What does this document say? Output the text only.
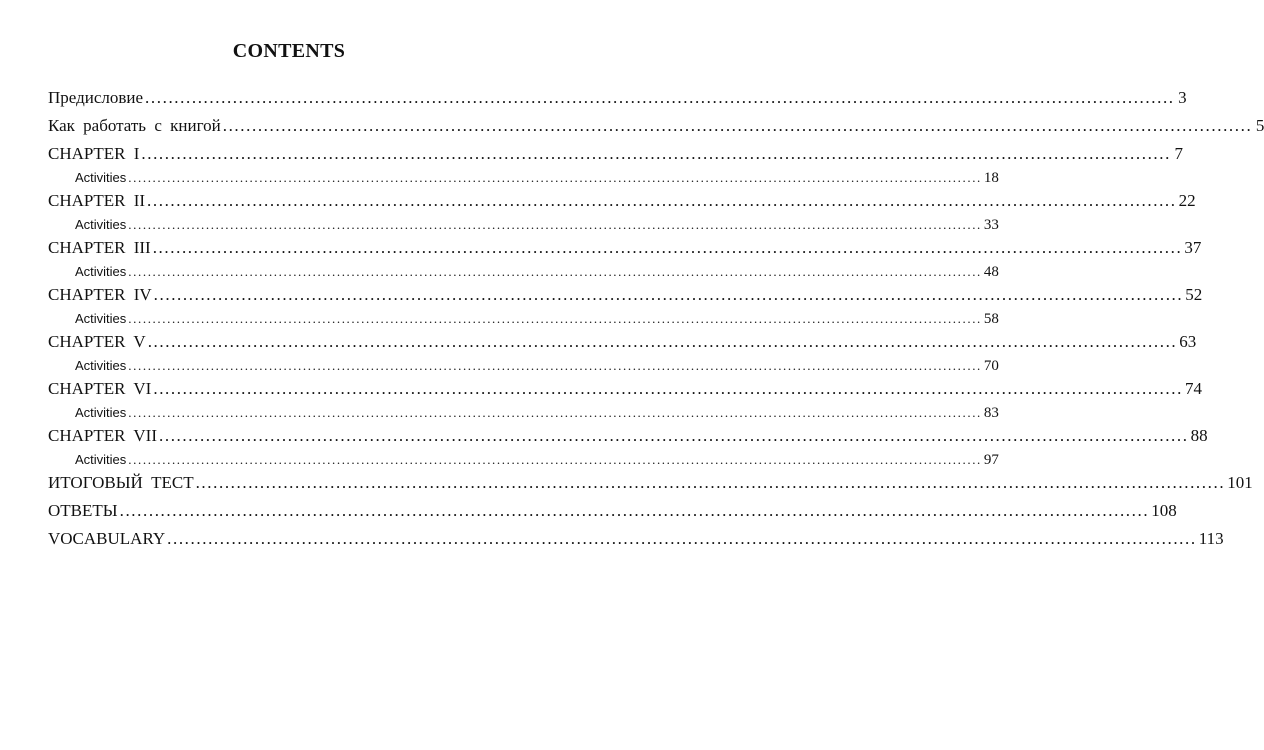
CONTENTS
Предисловие ................................................................................................................................................................................ 3
Как работать с книгой ................................................................................................................................................................................ 5
CHAPTER I ................................................................................................................................................................................ 7
Activities ................................................................................................................................................................................ 18
CHAPTER II ................................................................................................................................................................................ 22
Activities ................................................................................................................................................................................ 33
CHAPTER III ................................................................................................................................................................................ 37
Activities ................................................................................................................................................................................ 48
CHAPTER IV ................................................................................................................................................................................ 52
Activities ................................................................................................................................................................................ 58
CHAPTER V ................................................................................................................................................................................ 63
Activities ................................................................................................................................................................................ 70
CHAPTER VI ................................................................................................................................................................................ 74
Activities ................................................................................................................................................................................ 83
CHAPTER VII ................................................................................................................................................................................ 88
Activities ................................................................................................................................................................................ 97
ИТОГОВЫЙ ТЕСТ ................................................................................................................................................................................ 101
ОТВЕТЫ ................................................................................................................................................................................ 108
VOCABULARY ................................................................................................................................................................................ 113
